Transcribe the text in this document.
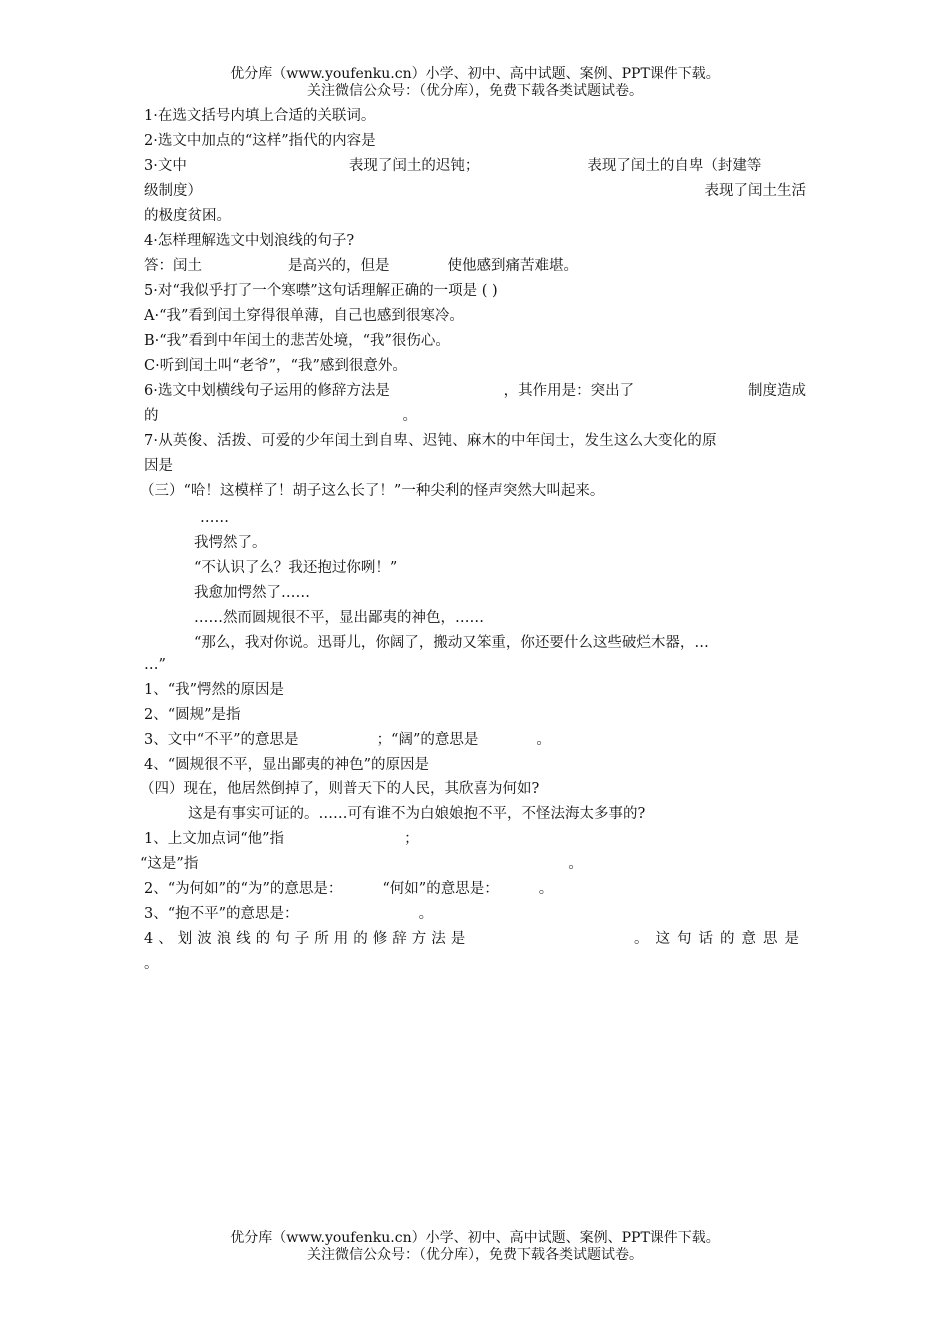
优分库（www.youfenku.cn）小学、初中、高中试题、案例、PPT课件下载。
关注微信公众号：（优分库），免费下载各类试题试卷。
1·在选文括号内填上合适的关联词。
2·选文中加点的“这样”指代的内容是
3·文中	表现了闰土的迟钝；	表现了闰土的自卑（封建等
级制度）	表现了闰土生活
的极度贫困。
4·怎样理解选文中划浪线的句子?
答：闰土	是高兴的，但是	使他感到痛苦难堪。
5·对“我似乎打了一个寒噤”这句话理解正确的一项是 ( )
A·“我”看到闰土穿得很单薄，自己也感到很寒冷。
B·“我”看到中年闰土的悲苦处境，“我”很伤心。
C·听到闰土叫“老爷”，“我”感到很意外。
6·选文中划横线句子运用的修辞方法是	，其作用是：突出了	制度造成
的	。
7·从英俊、活拨、可爱的少年闰土到自卑、迟钝、麻木的中年闰士，发生这么大变化的原
因是
（三）“哈！这模样了！胡子这么长了！”一种尖利的怪声突然大叫起来。
……
我愕然了。
“不认识了么？我还抱过你咧！”
我愈加愕然了……
……然而圆规很不平，显出鄙夷的神色，……
“那么，我对你说。迅哥儿，你阔了，搬动又笨重，你还要什么这些破烂木器，…
…”
1、“我”愕然的原因是
2、“圆规”是指
3、文中“不平”的意思是	；“阔”的意思是	。
4、“圆规很不平，显出鄙夷的神色”的原因是
（四）现在，他居然倒掉了，则普天下的人民，其欣喜为何如?
这是有事实可证的。……可有谁不为白娘娘抱不平，不怪法海太多事的?
1、上文加点词“他”指	；
“这是”指	。
2、“为何如”的“为”的意思是：	“何如”的意思是：	。
3、“抱不平”的意思是：	。
4、划波浪线的句子所用的修辞方法是	。这句话的意思是
。
优分库（www.youfenku.cn）小学、初中、高中试题、案例、PPT课件下载。
关注微信公众号：（优分库），免费下载各类试题试卷。
